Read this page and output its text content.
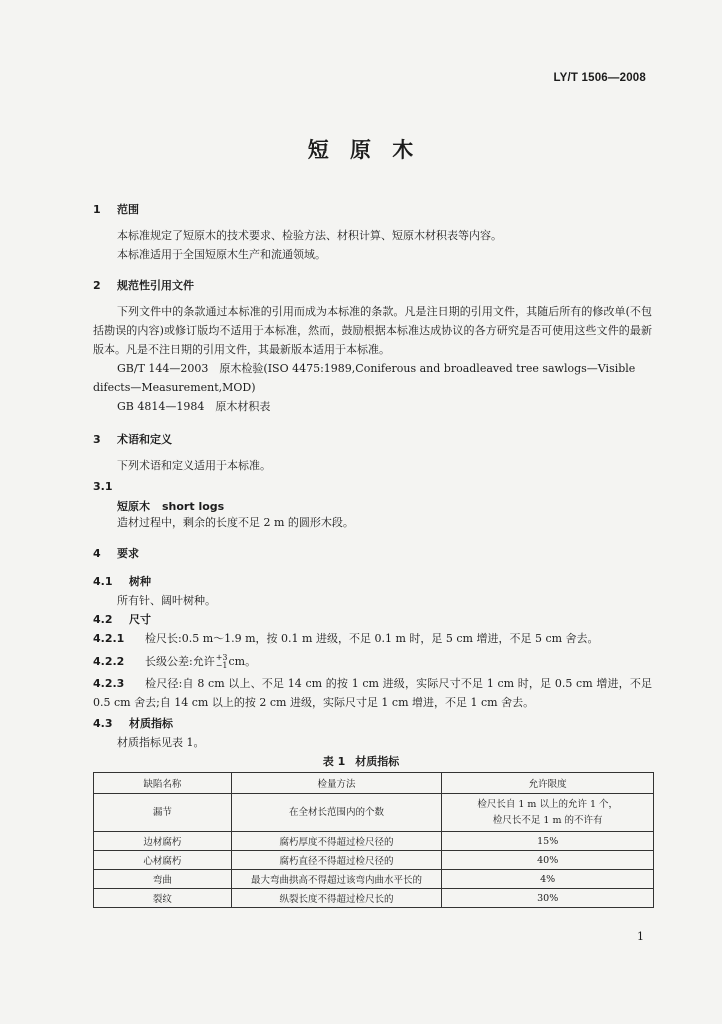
LY/T 1506—2008
短 原 木
1 范围
本标准规定了短原木的技术要求、检验方法、材积计算、短原木材积表等内容。
本标准适用于全国短原木生产和流通领域。
2 规范性引用文件
下列文件中的条款通过本标准的引用而成为本标准的条款。凡是注日期的引用文件，其随后所有的修改单(不包括勘误的内容)或修订版均不适用于本标准，然而，鼓励根据本标准达成协议的各方研究是否可使用这些文件的最新版本。凡是不注日期的引用文件，其最新版本适用于本标准。
GB/T 144—2003　原木检验(ISO 4475:1989,Coniferous and broadleaved tree sawlogs—Visible
difects—Measurement,MOD)
GB 4814—1984　原木材积表
3 术语和定义
下列术语和定义适用于本标准。
3.1
短原木 short logs
造材过程中，剩余的长度不足 2 m 的圆形木段。
4 要求
4.1 树种
所有针、阔叶树种。
4.2 尺寸
4.2.1 检尺长:0.5 m～1.9 m，按 0.1 m 进级，不足 0.1 m 时，足 5 cm 增进，不足 5 cm 舍去。
4.2.2 长级公差:允许 +3
−1 cm。
4.2.3 检尺径:自 8 cm 以上、不足 14 cm 的按 1 cm 进级，实际尺寸不足 1 cm 时，足 0.5 cm 增进，不足 0.5 cm 舍去;自 14 cm 以上的按 2 cm 进级，实际尺寸足 1 cm 增进，不足 1 cm 舍去。
4.3 材质指标
材质指标见表 1。
表 1 材质指标
缺陷名称	检量方法	允许限度
漏节	在全材长范围内的个数	检尺长自 1 m 以上的允许 1 个，
检尺长不足 1 m 的不许有

边材腐朽	腐朽厚度不得超过检尺径的	15%
心材腐朽	腐朽直径不得超过检尺径的	40%
弯曲	最大弯曲拱高不得超过该弯内曲水平长的	4%
裂纹	纵裂长度不得超过检尺长的	30%
1
